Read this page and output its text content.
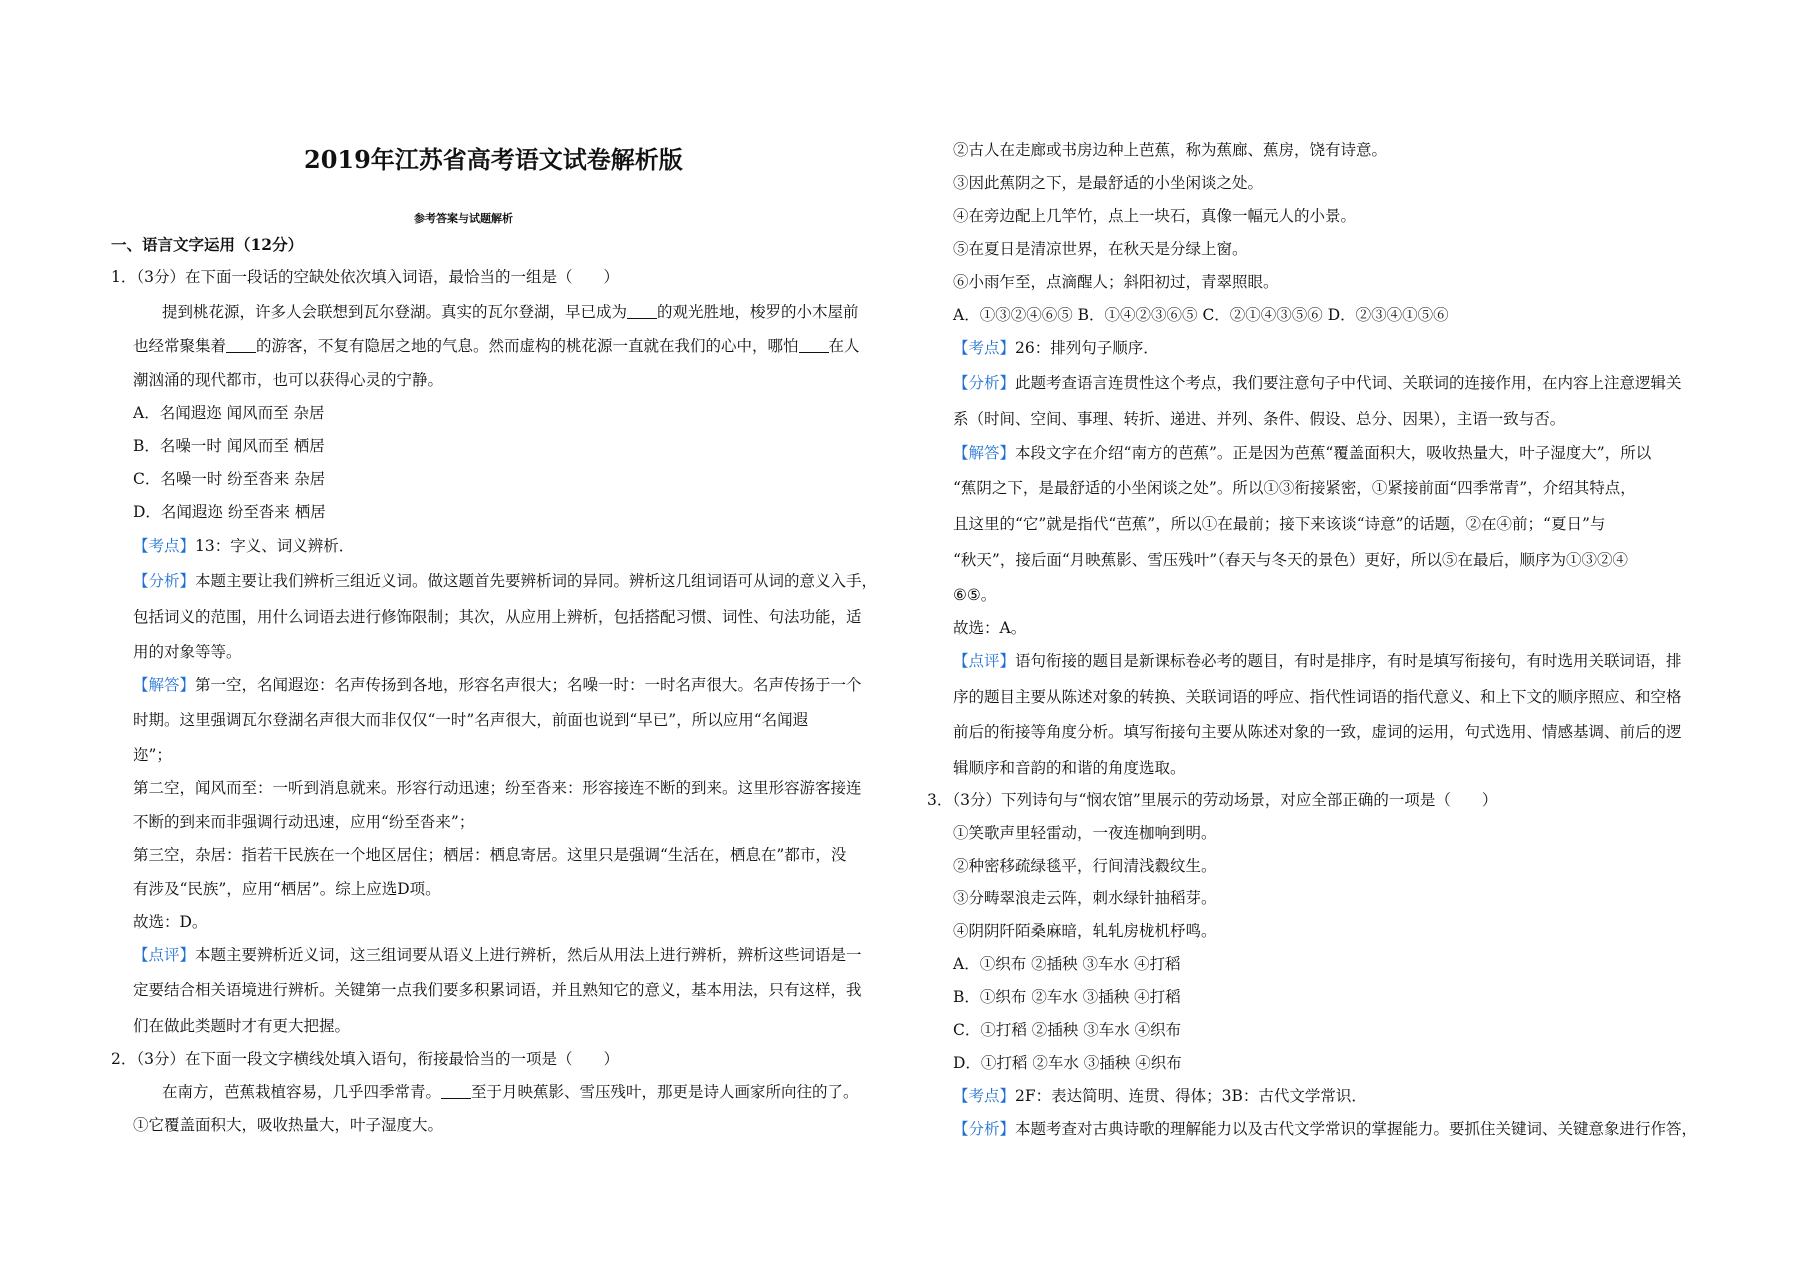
2019年江苏省高考语文试卷解析版
参考答案与试题解析
一、语言文字运用（12分）
1．（3分）在下面一段话的空缺处依次填入词语，最恰当的一组是（　　）
提到桃花源，许多人会联想到瓦尔登湖。真实的瓦尔登湖，早已成为 的观光胜地，梭罗的小木屋前
也经常聚集着 的游客，不复有隐居之地的气息。然而虚构的桃花源一直就在我们的心中，哪怕 在人
潮汹涌的现代都市，也可以获得心灵的宁静。
A．名闻遐迩 闻风而至 杂居
B．名噪一时 闻风而至 栖居
C．名噪一时 纷至沓来 杂居
D．名闻遐迩 纷至沓来 栖居
【考点】13：字义、词义辨析．
【分析】本题主要让我们辨析三组近义词。做这题首先要辨析词的异同。辨析这几组词语可从词的意义入手，
包括词义的范围，用什么词语去进行修饰限制；其次，从应用上辨析，包括搭配习惯、词性、句法功能，适
用的对象等等。
【解答】第一空，名闻遐迩：名声传扬到各地，形容名声很大；名噪一时：一时名声很大。名声传扬于一个
时期。这里强调瓦尔登湖名声很大而非仅仅“一时”名声很大，前面也说到“早已”，所以应用“名闻遐
迩”；
第二空，闻风而至：一听到消息就来。形容行动迅速；纷至沓来：形容接连不断的到来。这里形容游客接连
不断的到来而非强调行动迅速，应用“纷至沓来”；
第三空，杂居：指若干民族在一个地区居住；栖居：栖息寄居。这里只是强调“生活在，栖息在”都市，没
有涉及“民族”，应用“栖居”。综上应选D项。
故选：D。
【点评】本题主要辨析近义词，这三组词要从语义上进行辨析，然后从用法上进行辨析，辨析这些词语是一
定要结合相关语境进行辨析。关键第一点我们要多积累词语，并且熟知它的意义，基本用法，只有这样，我
们在做此类题时才有更大把握。
2．（3分）在下面一段文字横线处填入语句，衔接最恰当的一项是（　　）
在南方，芭蕉栽植容易，几乎四季常青。 至于月映蕉影、雪压残叶，那更是诗人画家所向往的了。
①它覆盖面积大，吸收热量大，叶子湿度大。
②古人在走廊或书房边种上芭蕉，称为蕉廊、蕉房，饶有诗意。
③因此蕉阴之下，是最舒适的小坐闲谈之处。
④在旁边配上几竿竹，点上一块石，真像一幅元人的小景。
⑤在夏日是清凉世界，在秋天是分绿上窗。
⑥小雨乍至，点滴醒人；斜阳初过，青翠照眼。
A．①③②④⑥⑤ B．①④②③⑥⑤ C．②①④③⑤⑥ D．②③④①⑤⑥
【考点】26：排列句子顺序．
【分析】此题考查语言连贯性这个考点，我们要注意句子中代词、关联词的连接作用，在内容上注意逻辑关
系（时间、空间、事理、转折、递进、并列、条件、假设、总分、因果），主语一致与否。
【解答】本段文字在介绍“南方的芭蕉”。正是因为芭蕉“覆盖面积大，吸收热量大，叶子湿度大”，所以
“蕉阴之下，是最舒适的小坐闲谈之处”。所以①③衔接紧密，①紧接前面“四季常青”，介绍其特点，
且这里的“它”就是指代“芭蕉”，所以①在最前；接下来该谈“诗意”的话题，②在④前；“夏日”与
“秋天”，接后面“月映蕉影、雪压残叶”（春天与冬天的景色）更好，所以⑤在最后，顺序为①③②④
⑥⑤。
故选：A。
【点评】语句衔接的题目是新课标卷必考的题目，有时是排序，有时是填写衔接句，有时选用关联词语，排
序的题目主要从陈述对象的转换、关联词语的呼应、指代性词语的指代意义、和上下文的顺序照应、和空格
前后的衔接等角度分析。填写衔接句主要从陈述对象的一致，虚词的运用，句式选用、情感基调、前后的逻
辑顺序和音韵的和谐的角度选取。
3．（3分）下列诗句与“悯农馆”里展示的劳动场景，对应全部正确的一项是（　　）
①笑歌声里轻雷动，一夜连枷响到明。
②种密移疏绿毯平，行间清浅縠纹生。
③分畴翠浪走云阵，刺水绿针抽稻芽。
④阴阴阡陌桑麻暗，轧轧房栊机杼鸣。
A．①织布 ②插秧 ③车水 ④打稻
B．①织布 ②车水 ③插秧 ④打稻
C．①打稻 ②插秧 ③车水 ④织布
D．①打稻 ②车水 ③插秧 ④织布
【考点】2F：表达简明、连贯、得体；3B：古代文学常识．
【分析】本题考查对古典诗歌的理解能力以及古代文学常识的掌握能力。要抓住关键词、关键意象进行作答，
